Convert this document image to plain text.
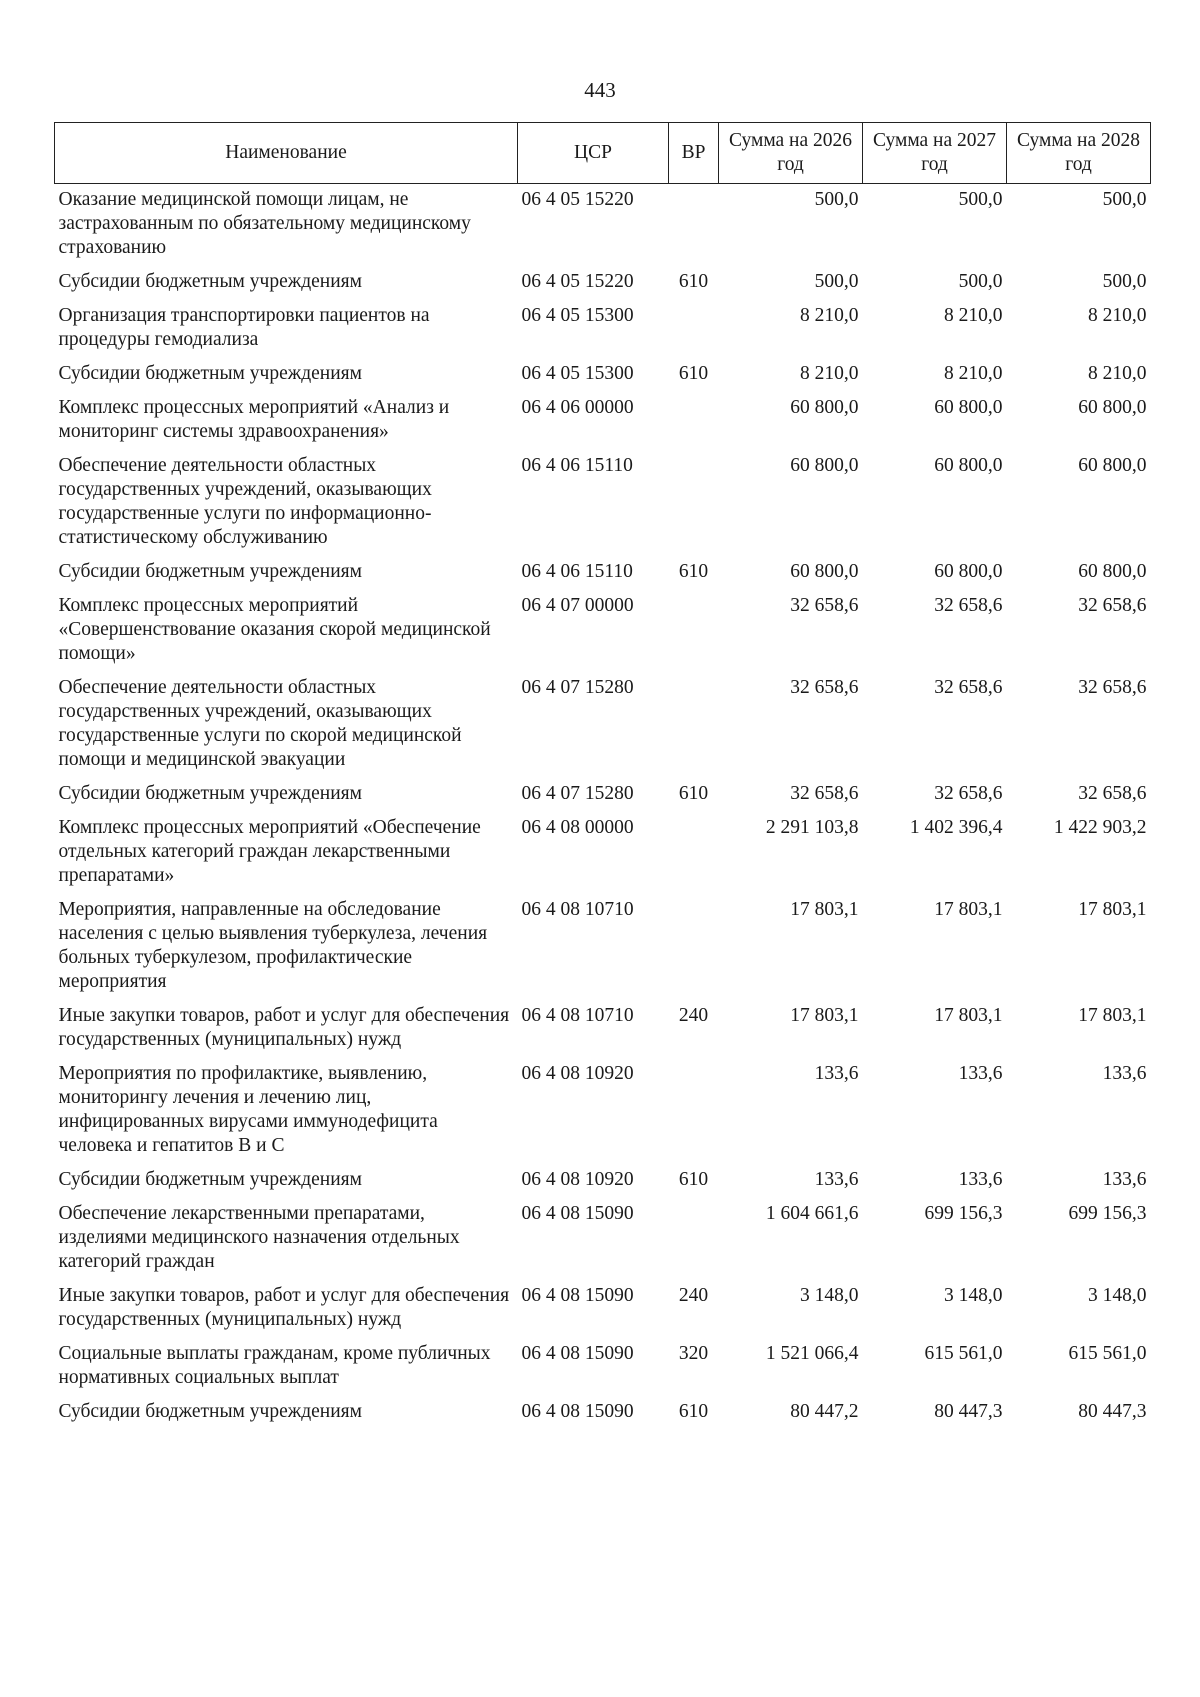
443
Наименование	ЦСР	ВР	Сумма на 2026 год	Сумма на 2027 год	Сумма на 2028 год
Оказание медицинской помощи лицам, не застрахованным по обязательному медицинскому страхованию	06 4 05 15220		500,0	500,0	500,0
Субсидии бюджетным учреждениям	06 4 05 15220	610	500,0	500,0	500,0
Организация транспортировки пациентов на процедуры гемодиализа	06 4 05 15300		8 210,0	8 210,0	8 210,0
Субсидии бюджетным учреждениям	06 4 05 15300	610	8 210,0	8 210,0	8 210,0
Комплекс процессных мероприятий «Анализ и мониторинг системы здравоохранения»	06 4 06 00000		60 800,0	60 800,0	60 800,0
Обеспечение деятельности областных государственных учреждений, оказывающих государственные услуги по информационно-статистическому обслуживанию	06 4 06 15110		60 800,0	60 800,0	60 800,0
Субсидии бюджетным учреждениям	06 4 06 15110	610	60 800,0	60 800,0	60 800,0
Комплекс процессных мероприятий «Совершенствование оказания скорой медицинской помощи»	06 4 07 00000		32 658,6	32 658,6	32 658,6
Обеспечение деятельности областных государственных учреждений, оказывающих государственные услуги по скорой медицинской помощи и медицинской эвакуации	06 4 07 15280		32 658,6	32 658,6	32 658,6
Субсидии бюджетным учреждениям	06 4 07 15280	610	32 658,6	32 658,6	32 658,6
Комплекс процессных мероприятий «Обеспечение отдельных категорий граждан лекарственными препаратами»	06 4 08 00000		2 291 103,8	1 402 396,4	1 422 903,2
Мероприятия, направленные на обследование населения с целью выявления туберкулеза, лечения больных туберкулезом, профилактические мероприятия	06 4 08 10710		17 803,1	17 803,1	17 803,1
Иные закупки товаров, работ и услуг для обеспечения государственных (муниципальных) нужд	06 4 08 10710	240	17 803,1	17 803,1	17 803,1
Мероприятия по профилактике, выявлению, мониторингу лечения и лечению лиц, инфицированных вирусами иммунодефицита человека и гепатитов В и С	06 4 08 10920		133,6	133,6	133,6
Субсидии бюджетным учреждениям	06 4 08 10920	610	133,6	133,6	133,6
Обеспечение лекарственными препаратами, изделиями медицинского назначения отдельных категорий граждан	06 4 08 15090		1 604 661,6	699 156,3	699 156,3
Иные закупки товаров, работ и услуг для обеспечения государственных (муниципальных) нужд	06 4 08 15090	240	3 148,0	3 148,0	3 148,0
Социальные выплаты гражданам, кроме публичных нормативных социальных выплат	06 4 08 15090	320	1 521 066,4	615 561,0	615 561,0
Субсидии бюджетным учреждениям	06 4 08 15090	610	80 447,2	80 447,3	80 447,3
